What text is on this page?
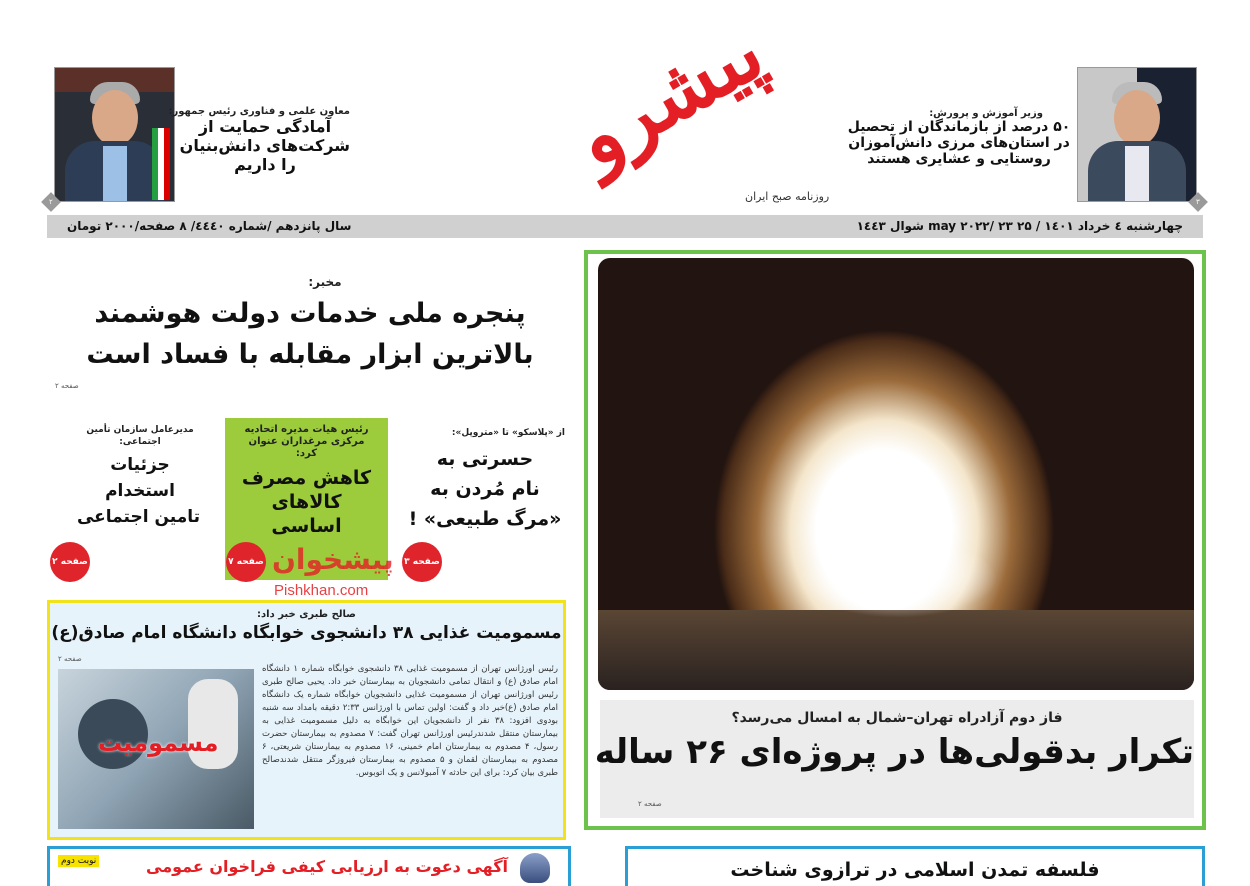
۲
معاون علمی و فناوری رئیس جمهور:
آمادگی حمایت از
شرکت‌های دانش‌بنیان
را داریم	پیشرو
روزنامه صبح ایران
وزیر آموزش و پرورش:
۵۰ درصد از بازماندگان از تحصیل
در استان‌های مرزی دانش‌آموزان
روستایی و عشایری هستند
۳
چهارشنبه ٤ خرداد ۱٤۰۱ / ۲۵ may ۲۰۲۲/ ۲۳ شوال ۱٤٤۳
سال پانزدهم /شماره ٤٤٤۰/ ۸ صفحه/۲۰۰۰ تومان
مخبر:
پنجره ملی خدمات دولت هوشمند
بالاترین ابزار مقابله با فساد است
صفحه ۲
از «پلاسکو» تا «متروپل»:
حسرتی به
نام مُردن به
«مرگ طبیعی» !
صفحه ۳
رئیس هیات مدیره اتحادیه مرکزی مرغداران عنوان کرد:
کاهش مصرف
کالاهای
اساسی
پیشخوان
Pishkhan.com
صفحه ۷
مدیرعامل سازمان تأمین اجتماعی:
جزئیات
استخدام
تامین اجتماعی
صفحه ۲
صالح طبری خبر داد:
مسمومیت غذایی ۳۸ دانشجوی خوابگاه دانشگاه امام صادق(ع)
صفحه ۲
مسمومیت
رئیس اورژانس تهران از مسمومیت غذایی ۳۸ دانشجوی خوابگاه شماره ۱ دانشگاه امام صادق (ع) و انتقال تمامی دانشجویان به بیمارستان خبر داد. یحیی صالح طبری رئیس اورژانس تهران از مسمومیت غذایی دانشجویان خوابگاه شماره یک دانشگاه امام صادق (ع)خبر داد و گفت: اولین تماس با اورژانس ۲:۳۳ دقیقه بامداد سه شنبه بودوی افزود: ۳۸ نفر از دانشجویان این خوابگاه به دلیل مسمومیت غذایی به بیمارستان منتقل شدندرئیس اورژانس تهران گفت: ۷ مصدوم به بیمارستان حضرت رسول، ۴ مصدوم به بیمارستان امام خمینی، ۱۶ مصدوم به بیمارستان شریعتی، ۶ مصدوم به بیمارستان لقمان و ۵ مصدوم به بیمارستان فیروزگر منتقل شدندصالح طبری بیان کرد: برای این حادثه ۷ آمبولانس و یک اتوبوس.
فاز دوم آزادراه تهران–شمال به امسال می‌رسد؟
تکرار بدقولی‌ها در پروژه‌ای ۲۶ ساله
صفحه ۲
نوبت دوم	آگهی دعوت به ارزیابی کیفی فراخوان عمومی	فلسفه تمدن اسلامی در ترازوی شناخت
